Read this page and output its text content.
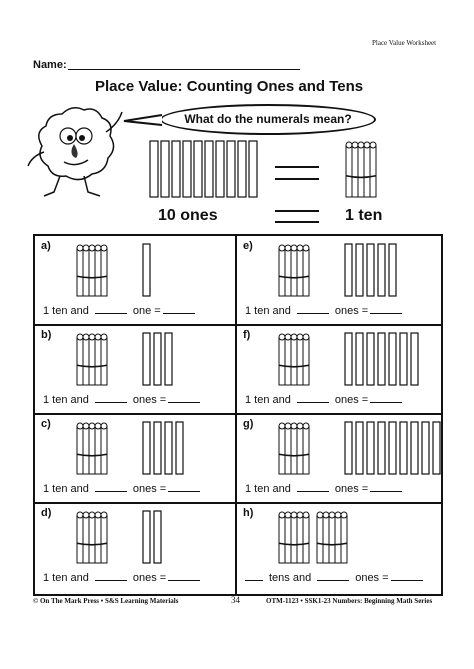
Place Value Worksheet
Name:
Place Value: Counting Ones and Tens
What do the numerals mean?
10 ones	1 ten
a)
1 ten and	one =
b)
1 ten and	ones =
c)
1 ten and	ones =
d)
1 ten and	ones =
e)
1 ten and	ones =
f)
1 ten and	ones =
g)
1 ten and	ones =
h)
tens and	ones =
© On The Mark Press • S&S Learning Materials	34	OTM-1123 • SSK1-23 Numbers: Beginning Math Series
